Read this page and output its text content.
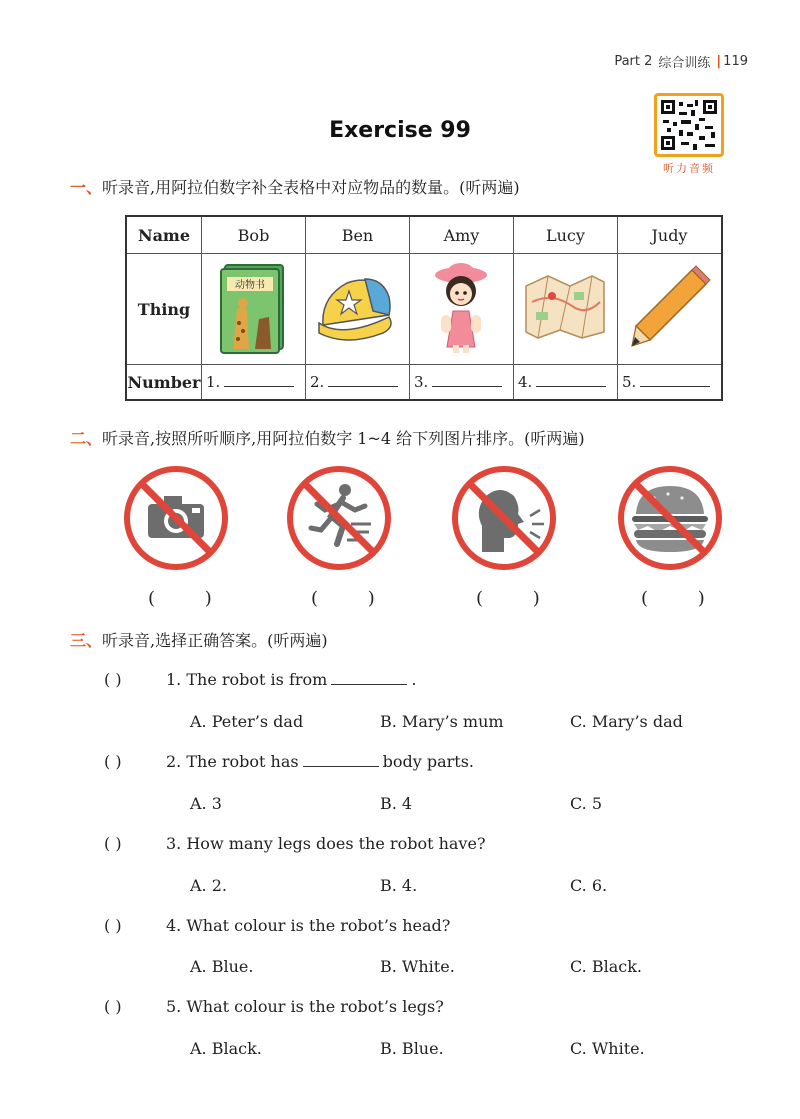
Part 2 综合训练 | 119
听力音频
Exercise 99
一、听录音,用阿拉伯数字补全表格中对应物品的数量。(听两遍)
Name	Bob	Ben	Amy	Lucy	Judy
Thing	动物书

Number	1.	2.	3.	4.	5.
二、听录音,按照所听顺序,用阿拉伯数字 1~4 给下列图片排序。(听两遍)
( )	( )	( )	( )
三、听录音,选择正确答案。(听两遍)
( )	1. The robot is from	.
A. Peter’s dad	B. Mary’s mum	C. Mary’s dad
( )	2. The robot has	body parts.
A. 3	B. 4	C. 5
( )	3. How many legs does the robot have?
A. 2.	B. 4.	C. 6.
( )	4. What colour is the robot’s head?
A. Blue.	B. White.	C. Black.
( )	5. What colour is the robot’s legs?
A. Black.	B. Blue.	C. White.
